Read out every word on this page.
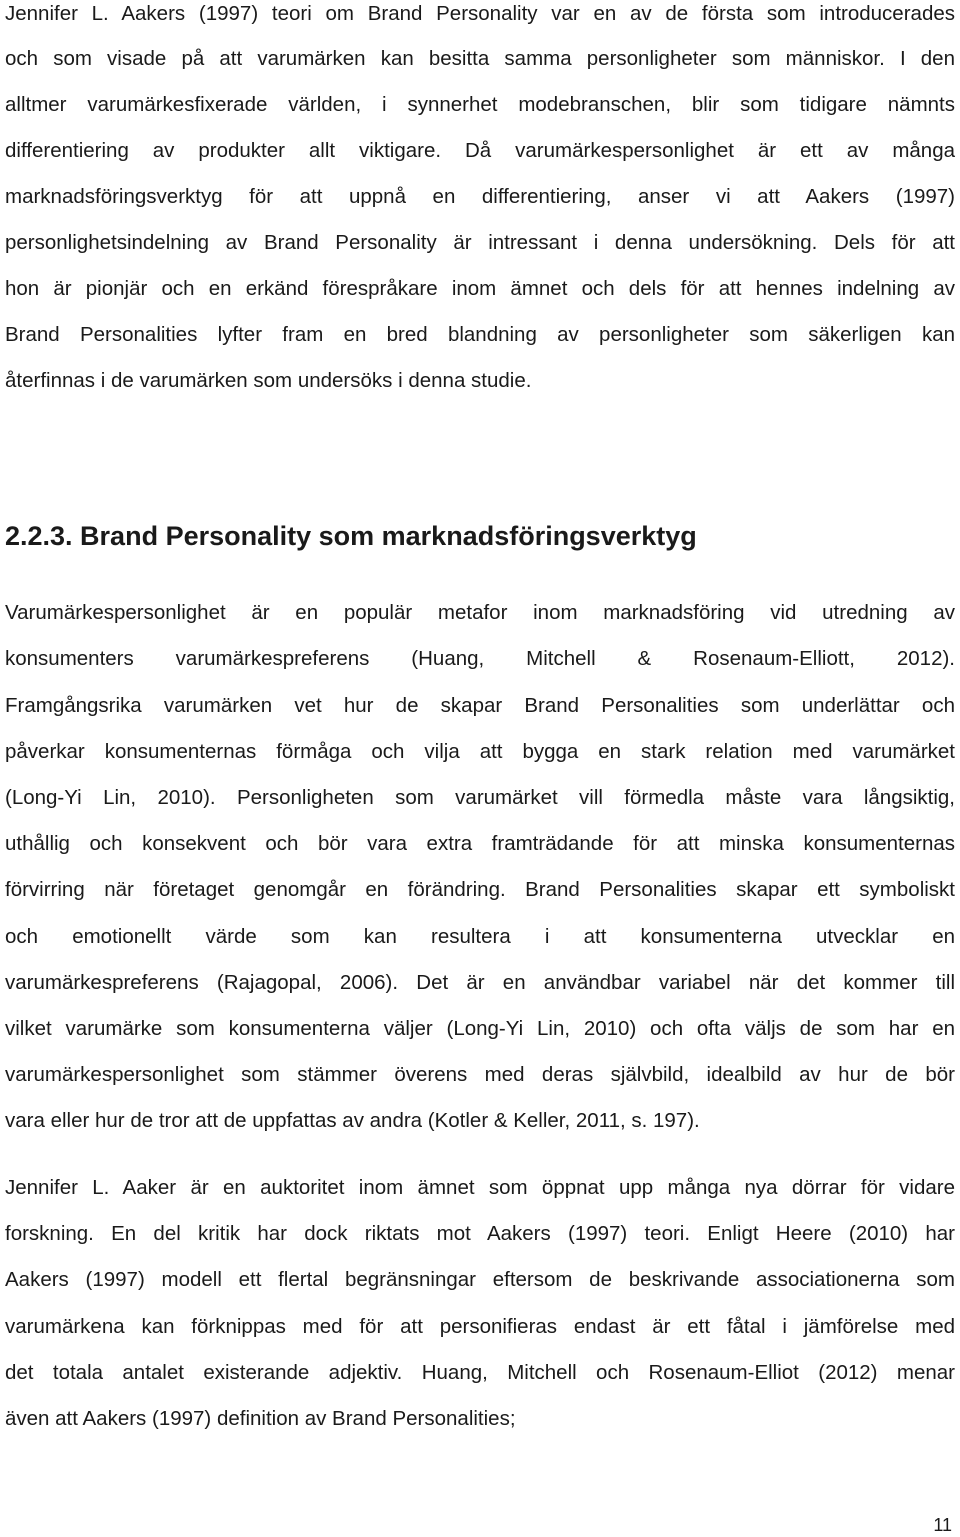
Jennifer L. Aakers (1997) teori om Brand Personality var en av de första som introducerades
och som visade på att varumärken kan besitta samma personligheter som människor. I den
alltmer varumärkesfixerade världen, i synnerhet modebranschen, blir som tidigare nämnts
differentiering av produkter allt viktigare. Då varumärkespersonlighet är ett av många
marknadsföringsverktyg för att uppnå en differentiering, anser vi att Aakers (1997)
personlighetsindelning av Brand Personality är intressant i denna undersökning. Dels för att
hon är pionjär och en erkänd förespråkare inom ämnet och dels för att hennes indelning av
Brand Personalities lyfter fram en bred blandning av personligheter som säkerligen kan
återfinnas i de varumärken som undersöks i denna studie.
2.2.3. Brand Personality som marknadsföringsverktyg
Varumärkespersonlighet är en populär metafor inom marknadsföring vid utredning av
konsumenters varumärkespreferens (Huang, Mitchell & Rosenaum-Elliott, 2012).
Framgångsrika varumärken vet hur de skapar Brand Personalities som underlättar och
påverkar konsumenternas förmåga och vilja att bygga en stark relation med varumärket
(Long-Yi Lin, 2010). Personligheten som varumärket vill förmedla måste vara långsiktig,
uthållig och konsekvent och bör vara extra framträdande för att minska konsumenternas
förvirring när företaget genomgår en förändring. Brand Personalities skapar ett symboliskt
och emotionellt värde som kan resultera i att konsumenterna utvecklar en
varumärkespreferens (Rajagopal, 2006). Det är en användbar variabel när det kommer till
vilket varumärke som konsumenterna väljer (Long-Yi Lin, 2010) och ofta väljs de som har en
varumärkespersonlighet som stämmer överens med deras självbild, idealbild av hur de bör
vara eller hur de tror att de uppfattas av andra (Kotler & Keller, 2011, s. 197).
Jennifer L. Aaker är en auktoritet inom ämnet som öppnat upp många nya dörrar för vidare
forskning. En del kritik har dock riktats mot Aakers (1997) teori. Enligt Heere (2010) har
Aakers (1997) modell ett flertal begränsningar eftersom de beskrivande associationerna som
varumärkena kan förknippas med för att personifieras endast är ett fåtal i jämförelse med
det totala antalet existerande adjektiv. Huang, Mitchell och Rosenaum-Elliot (2012) menar
även att Aakers (1997) definition av Brand Personalities;
11
